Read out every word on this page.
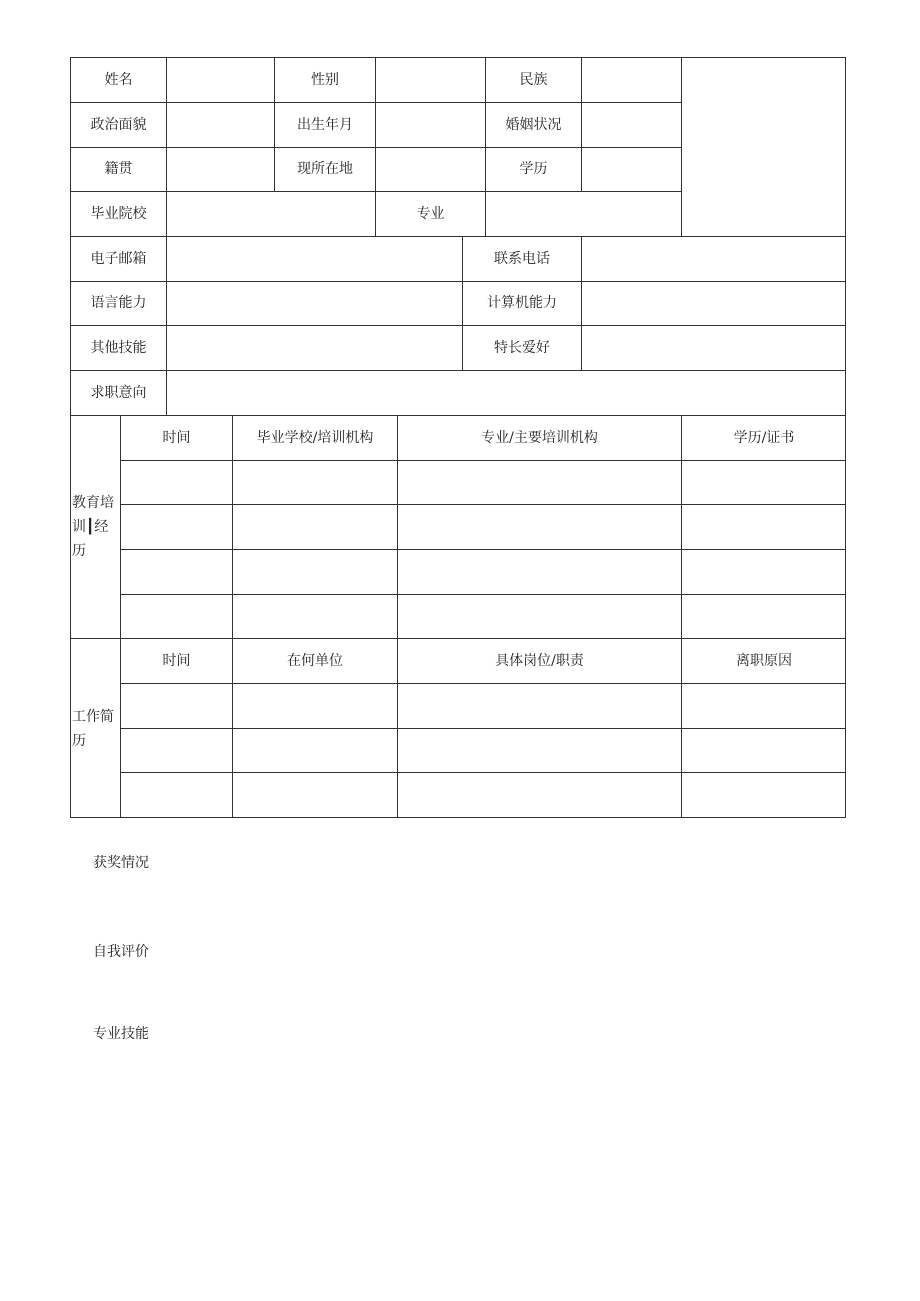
姓名	性别	民族
政治面貌	出生年月	婚姻状况
籍贯	现所在地	学历
毕业院校	专业
电子邮箱	联系电话
语言能力	计算机能力
其他技能	特长爱好
求职意向
教育培
训┃经
历
时间	毕业学校/培训机构	专业/主要培训机构	学历/证书
工作简
历
时间	在何单位	具体岗位/职责	离职原因
获奖情况
自我评价
专业技能
